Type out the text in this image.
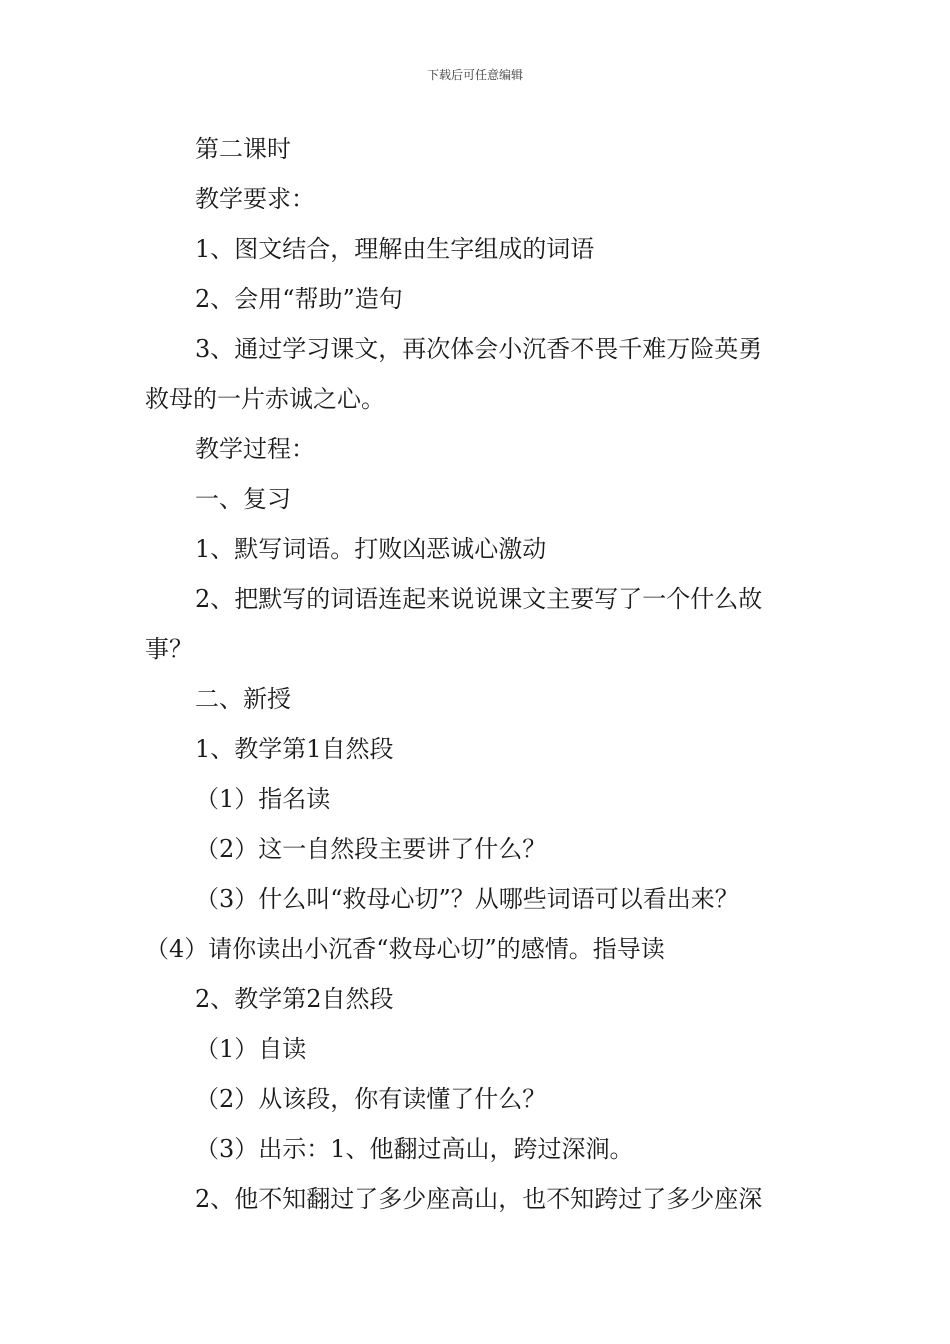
下载后可任意编辑
第二课时
教学要求：
1、图文结合，理解由生字组成的词语
2、会用“帮助”造句
3、通过学习课文，再次体会小沉香不畏千难万险英勇
救母的一片赤诚之心。
教学过程：
一、复习
1、默写词语。打败凶恶诚心激动
2、把默写的词语连起来说说课文主要写了一个什么故
事？
二、新授
1、教学第1自然段
（1）指名读
（2）这一自然段主要讲了什么？
（3）什么叫“救母心切”？从哪些词语可以看出来？
（4）请你读出小沉香“救母心切”的感情。指导读
2、教学第2自然段
（1）自读
（2）从该段，你有读懂了什么？
（3）出示：1、他翻过高山，跨过深涧。
2、他不知翻过了多少座高山，也不知跨过了多少座深
